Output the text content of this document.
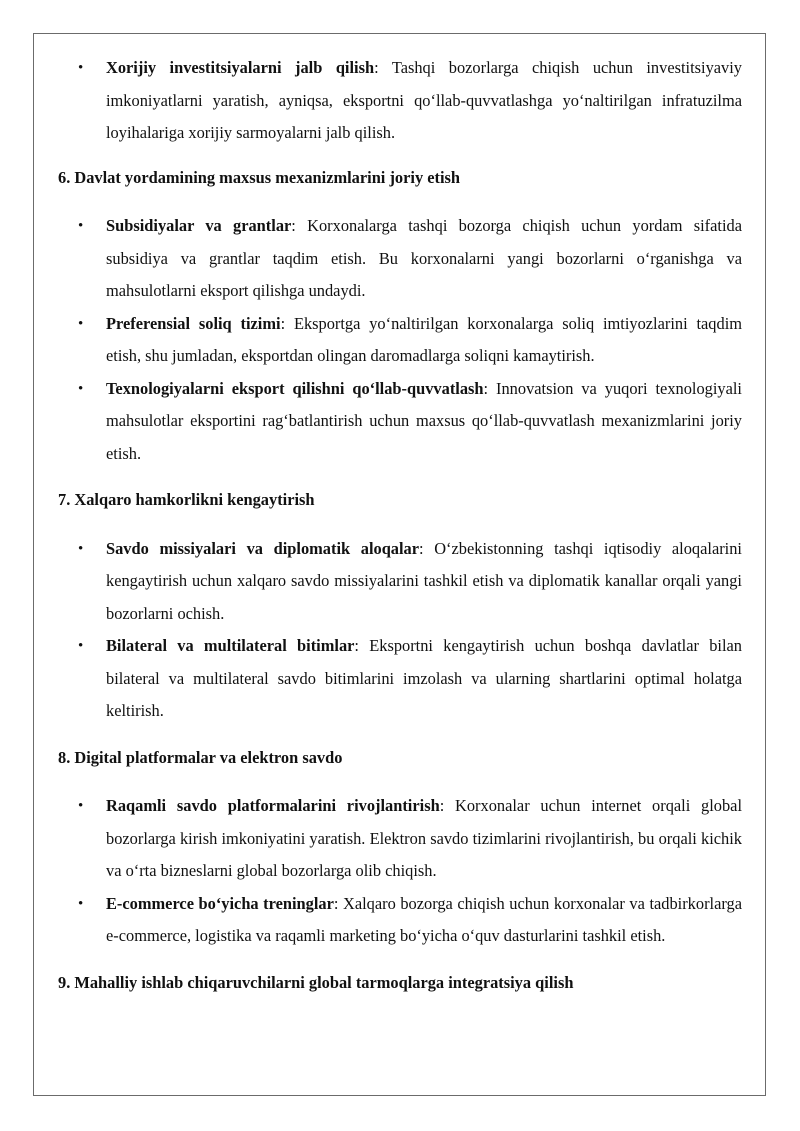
• Xorijiy investitsiyalarni jalb qilish: Tashqi bozorlarga chiqish uchun investitsiyaviy imkoniyatlarni yaratish, ayniqsa, eksportni qo‘llab-quvvatlashga yo‘naltirilgan infratuzilma loyihalariga xorijiy sarmoyalarni jalb qilish.
6. Davlat yordamining maxsus mexanizmlarini joriy etish
• Subsidiyalar va grantlar: Korxonalarga tashqi bozorga chiqish uchun yordam sifatida subsidiya va grantlar taqdim etish. Bu korxonalarni yangi bozorlarni o‘rganishga va mahsulotlarni eksport qilishga undaydi.
• Preferensial soliq tizimi: Eksportga yo‘naltirilgan korxonalarga soliq imtiyozlarini taqdim etish, shu jumladan, eksportdan olingan daromadlarga soliqni kamaytirish.
• Texnologiyalarni eksport qilishni qo‘llab-quvvatlash: Innovatsion va yuqori texnologiyali mahsulotlar eksportini rag‘batlantirish uchun maxsus qo‘llab-quvvatlash mexanizmlarini joriy etish.
7. Xalqaro hamkorlikni kengaytirish
• Savdo missiyalari va diplomatik aloqalar: O‘zbekistonning tashqi iqtisodiy aloqalarini kengaytirish uchun xalqaro savdo missiyalarini tashkil etish va diplomatik kanallar orqali yangi bozorlarni ochish.
• Bilateral va multilateral bitimlar: Eksportni kengaytirish uchun boshqa davlatlar bilan bilateral va multilateral savdo bitimlarini imzolash va ularning shartlarini optimal holatga keltirish.
8. Digital platformalar va elektron savdo
• Raqamli savdo platformalarini rivojlantirish: Korxonalar uchun internet orqali global bozorlarga kirish imkoniyatini yaratish. Elektron savdo tizimlarini rivojlantirish, bu orqali kichik va o‘rta bizneslarni global bozorlarga olib chiqish.
• E-commerce bo‘yicha treninglar: Xalqaro bozorga chiqish uchun korxonalar va tadbirkorlarga e-commerce, logistika va raqamli marketing bo‘yicha o‘quv dasturlarini tashkil etish.
9. Mahalliy ishlab chiqaruvchilarni global tarmoqlarga integratsiya qilish
